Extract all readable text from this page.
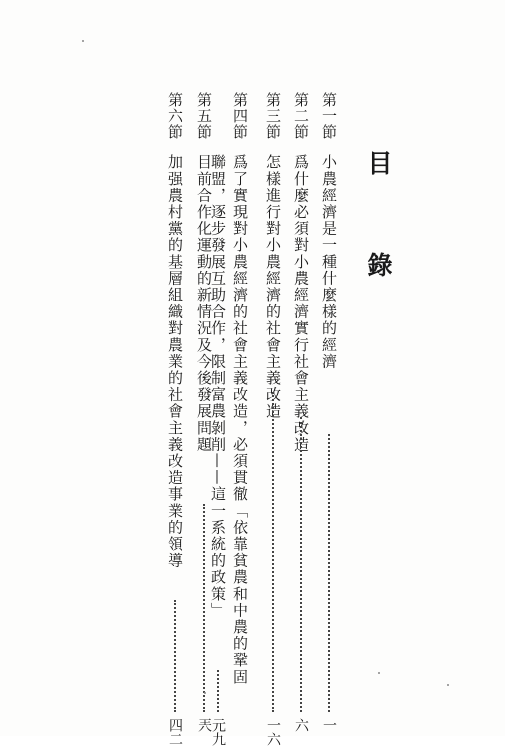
目　錄
第一節
小農經濟是一種什麼樣的經濟
一
第二節
爲什麼必須對小農經濟實行社會主義改造
六
第三節
怎樣進行對小農經濟的社會主義改造
一六
第四節
爲了實現對小農經濟的社會主義改造，必須貫徹「依靠貧農和中農的鞏固
聯盟，逐步發展互助合作，限制富農剝削——這一系統的政策」
元九
第五節
目前合作化運動的新情況及今後發展問題
兲
第六節
加强農村黨的基層組織對農業的社會主義改造事業的領導
四二
